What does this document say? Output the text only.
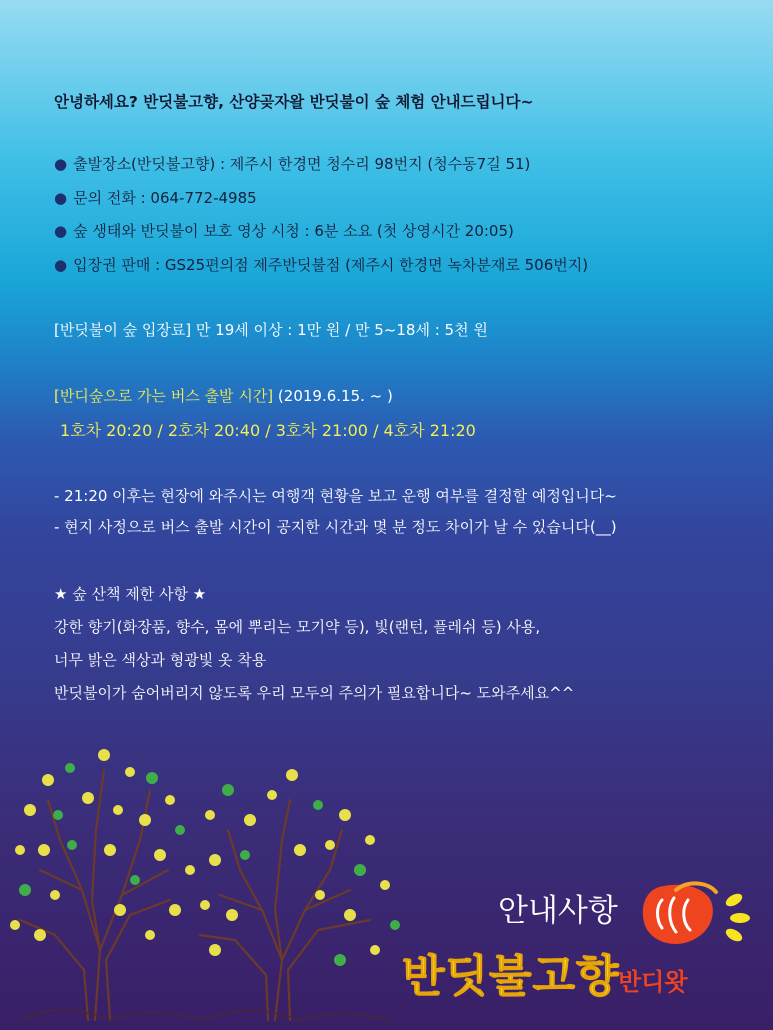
안녕하세요? 반딧불고향, 산양곶자왈 반딧불이 숲 체험 안내드립니다~
● 출발장소(반딧불고향) : 제주시 한경면 청수리 98번지 (청수동7길 51)
● 문의 전화 : 064-772-4985
● 숲 생태와 반딧불이 보호 영상 시청 : 6분 소요 (첫 상영시간 20:05)
● 입장권 판매 : GS25편의점 제주반딧불점 (제주시 한경면 녹차분재로 506번지)
[반딧불이 숲 입장료] 만 19세 이상 : 1만 원 / 만 5~18세 : 5천 원
[반디숲으로 가는 버스 출발 시간] (2019.6.15. ~ )
1호차 20:20 / 2호차 20:40 / 3호차 21:00 / 4호차 21:20
- 21:20 이후는 현장에 와주시는 여행객 현황을 보고 운행 여부를 결정할 예정입니다~
- 현지 사정으로 버스 출발 시간이 공지한 시간과 몇 분 정도 차이가 날 수 있습니다(__)
★ 숲 산책 제한 사항 ★
강한 향기(화장품, 향수, 몸에 뿌리는 모기약 등), 빛(랜턴, 플레쉬 등) 사용,
너무 밝은 색상과 형광빛 옷 착용
반딧불이가 숨어버리지 않도록 우리 모두의 주의가 필요합니다~ 도와주세요^^
안내사항
반딧불고향
반디왓
